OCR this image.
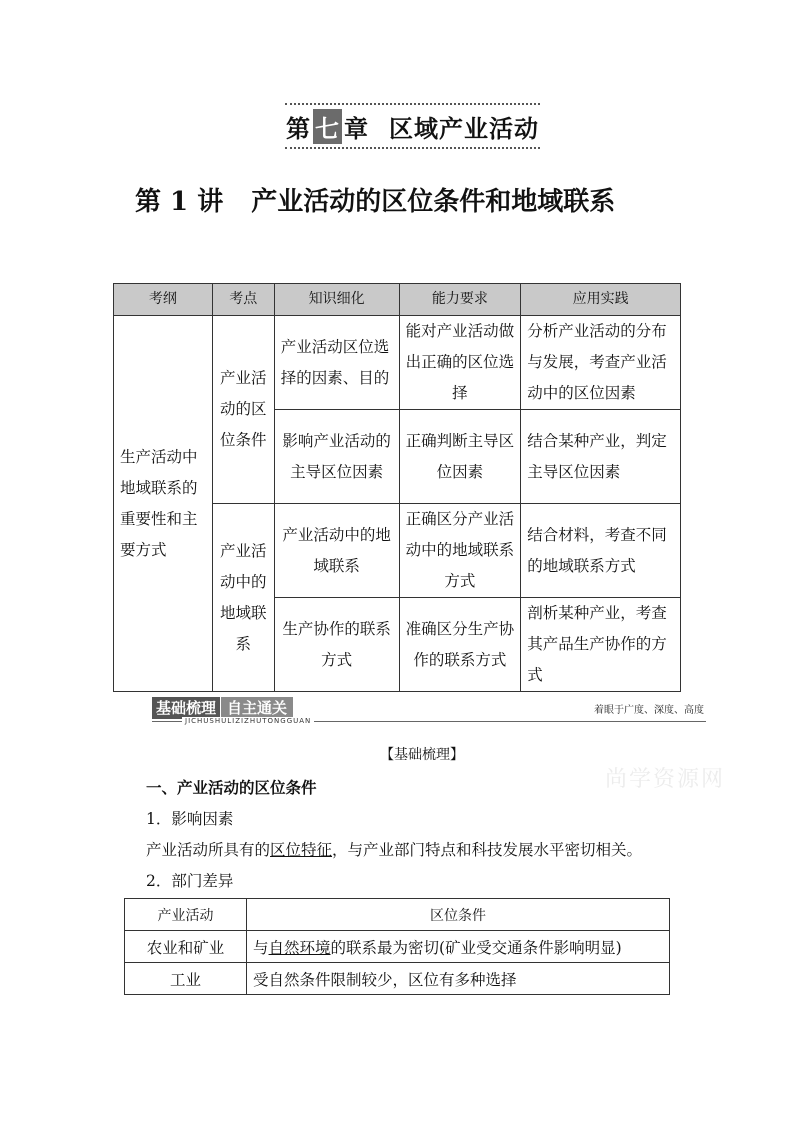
第 七 章 区域产业活动
第 1 讲 产业活动的区位条件和地域联系
考纲	考点	知识细化	能力要求	应用实践
生产活动中地域联系的重要性和主要方式	产业活动的区位条件	产业活动区位选择的因素、目的	能对产业活动做出正确的区位选择	分析产业活动的分布与发展，考查产业活动中的区位因素
		影响产业活动的主导区位因素	正确判断主导区位因素	结合某种产业，判定主导区位因素
	产业活动中的地域联系	产业活动中的地域联系	正确区分产业活动中的地域联系方式	结合材料，考查不同的地域联系方式
		生产协作的联系方式	准确区分生产协作的联系方式	剖析某种产业，考查其产品生产协作的方式
基础梳理 自主通关
JICHUSHULIZIZHUTONGGUAN
着眼于广度、深度、高度
【基础梳理】
一、产业活动的区位条件
1．影响因素
产业活动所具有的区位特征，与产业部门特点和科技发展水平密切相关。
2．部门差异
尚学资源网
产业活动	区位条件
农业和矿业	与自然环境的联系最为密切(矿业受交通条件影响明显)
工业	受自然条件限制较少，区位有多种选择
